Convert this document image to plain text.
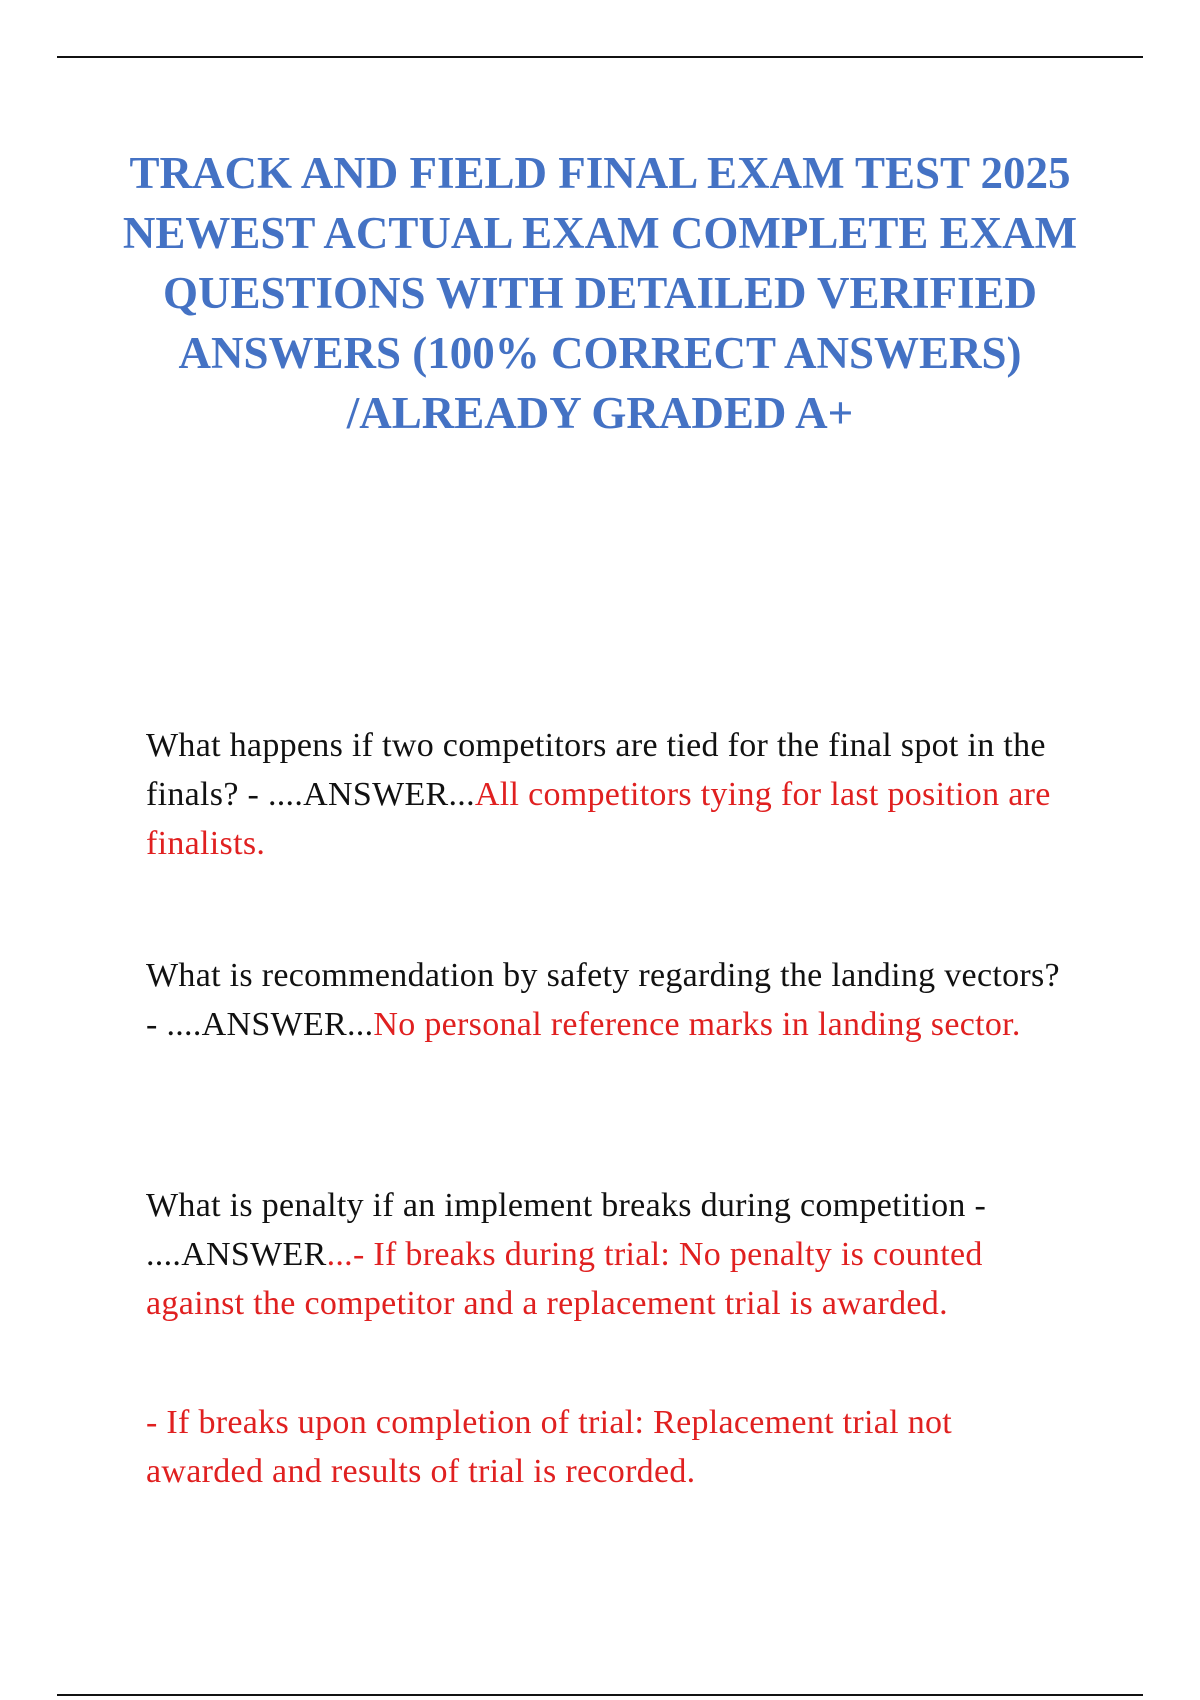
TRACK AND FIELD FINAL EXAM TEST 2025 NEWEST ACTUAL EXAM COMPLETE EXAM QUESTIONS WITH DETAILED VERIFIED ANSWERS (100% CORRECT ANSWERS) /ALREADY GRADED A+

What happens if two competitors are tied for the final spot in the finals? - ....ANSWER...All competitors tying for last position are finalists.

What is recommendation by safety regarding the landing vectors? - ....ANSWER...No personal reference marks in landing sector.

What is penalty if an implement breaks during competition - ....ANSWER...- If breaks during trial: No penalty is counted against the competitor and a replacement trial is awarded.

- If breaks upon completion of trial: Replacement trial not awarded and results of trial is recorded.
